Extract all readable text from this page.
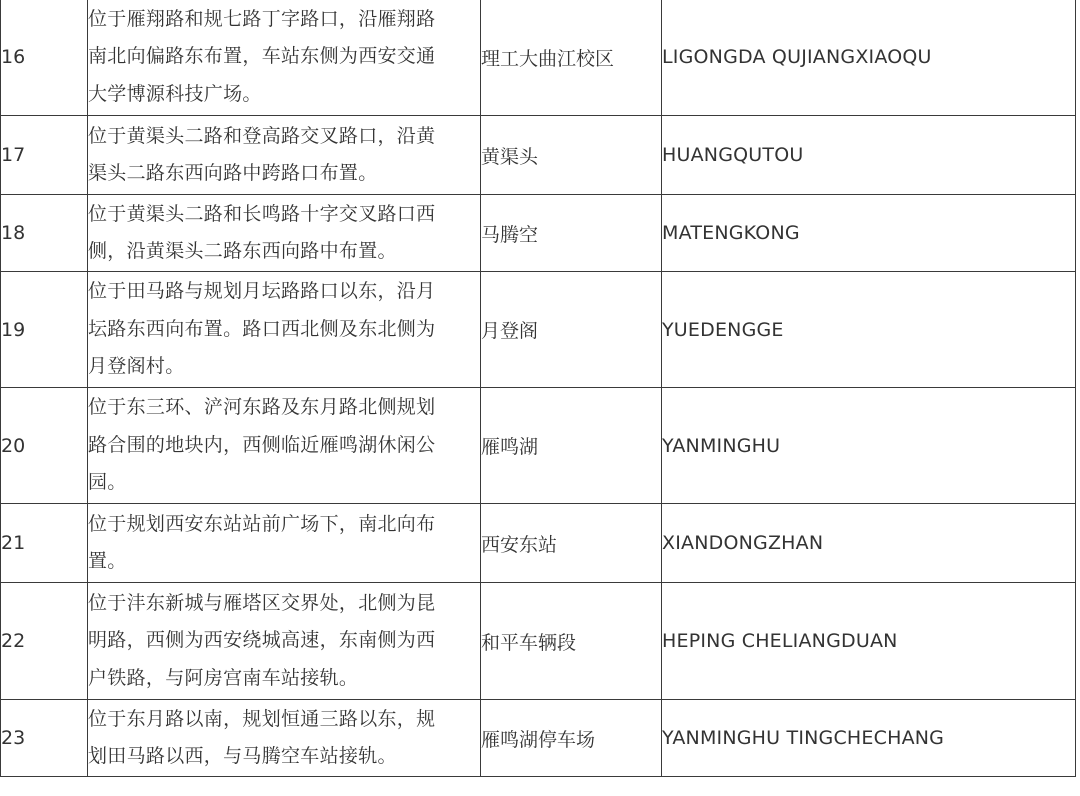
16	位于雁翔路和规七路丁字路口，沿雁翔路
南北向偏路东布置，车站东侧为西安交通
大学博源科技广场。	理工大曲江校区	LIGONGDA QUJIANGXIAOQU
17	位于黄渠头二路和登高路交叉路口，沿黄
渠头二路东西向路中跨路口布置。	黄渠头	HUANGQUTOU
18	位于黄渠头二路和长鸣路十字交叉路口西
侧，沿黄渠头二路东西向路中布置。	马腾空	MATENGKONG
19	位于田马路与规划月坛路路口以东，沿月
坛路东西向布置。路口西北侧及东北侧为
月登阁村。	月登阁	YUEDENGGE
20	位于东三环、浐河东路及东月路北侧规划
路合围的地块内，西侧临近雁鸣湖休闲公
园。	雁鸣湖	YANMINGHU
21	位于规划西安东站站前广场下，南北向布
置。	西安东站	XIANDONGZHAN
22	位于沣东新城与雁塔区交界处，北侧为昆
明路，西侧为西安绕城高速，东南侧为西
户铁路，与阿房宫南车站接轨。	和平车辆段	HEPING CHELIANGDUAN
23	位于东月路以南，规划恒通三路以东，规
划田马路以西，与马腾空车站接轨。	雁鸣湖停车场	YANMINGHU TINGCHECHANG
